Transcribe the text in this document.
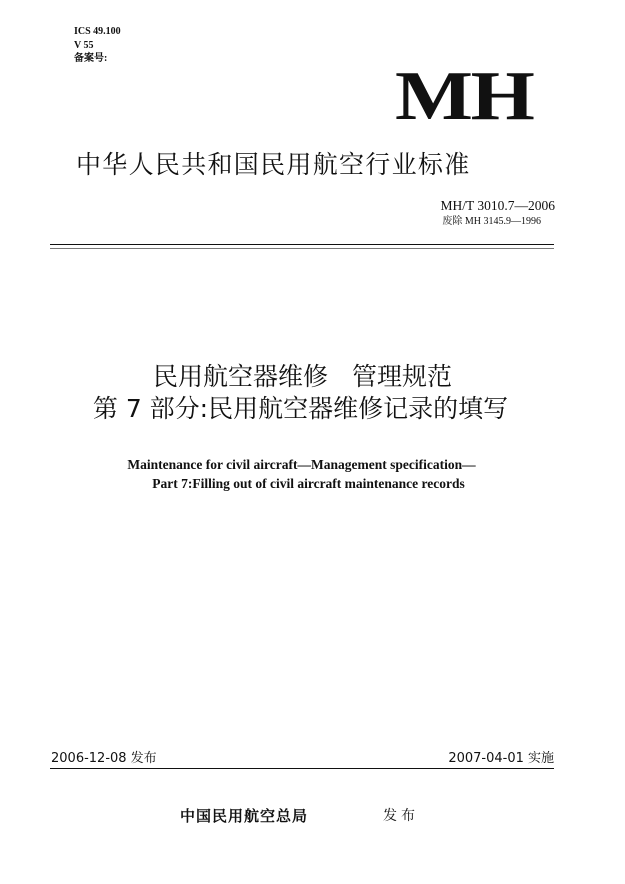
ICS 49.100
V 55
备案号:	MH
中华人民共和国民用航空行业标准
MH/T 3010.7—2006
废除 MH 3145.9—1996
民用航空器维修 管理规范
第 7 部分:民用航空器维修记录的填写
Maintenance for civil aircraft—Management specification—
Part 7:Filling out of civil aircraft maintenance records
2006-12-08 发布	2007-04-01 实施
中国民用航空总局	发布
